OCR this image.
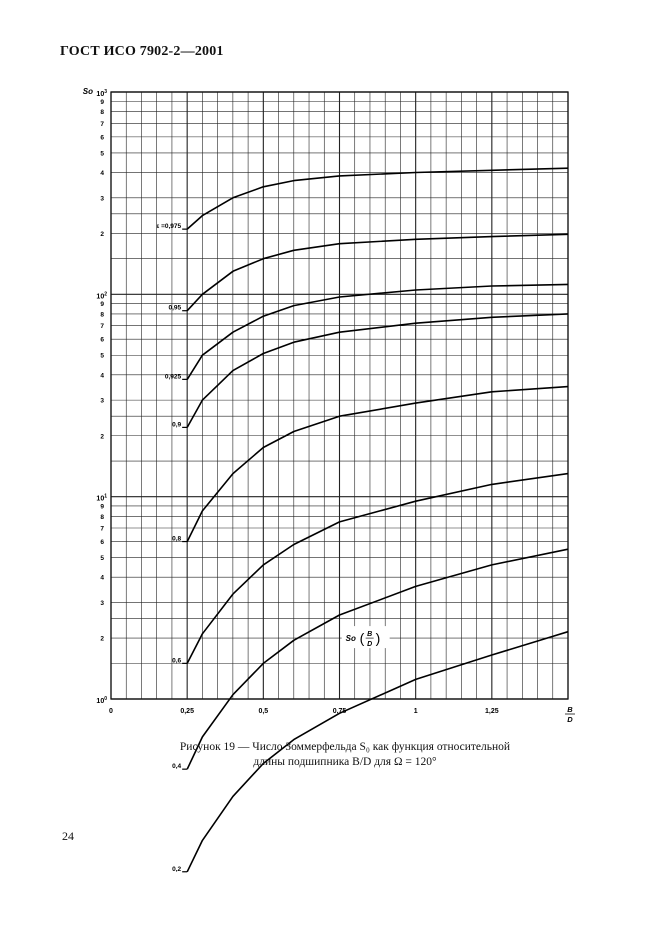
ГОСТ ИСО 7902-2—2001
$10^3$
$10^2$
$10^1$
$10^0$
9
8
7
6
5
4
3
2
9
8
7
6
5
4
3
2
9
8
7
6
5
4
3
2
So
0	0,25	0,5	0,75	1	1,25	B
D
ε =0,975
0,95
0,925
0,9
0,8
0,6
0,4
0,2
So ( B
D )
Рисунок 19 — Число Зоммерфельда S₀ как функция относительной
длины подшипника B/D для Ω = 120°
24
